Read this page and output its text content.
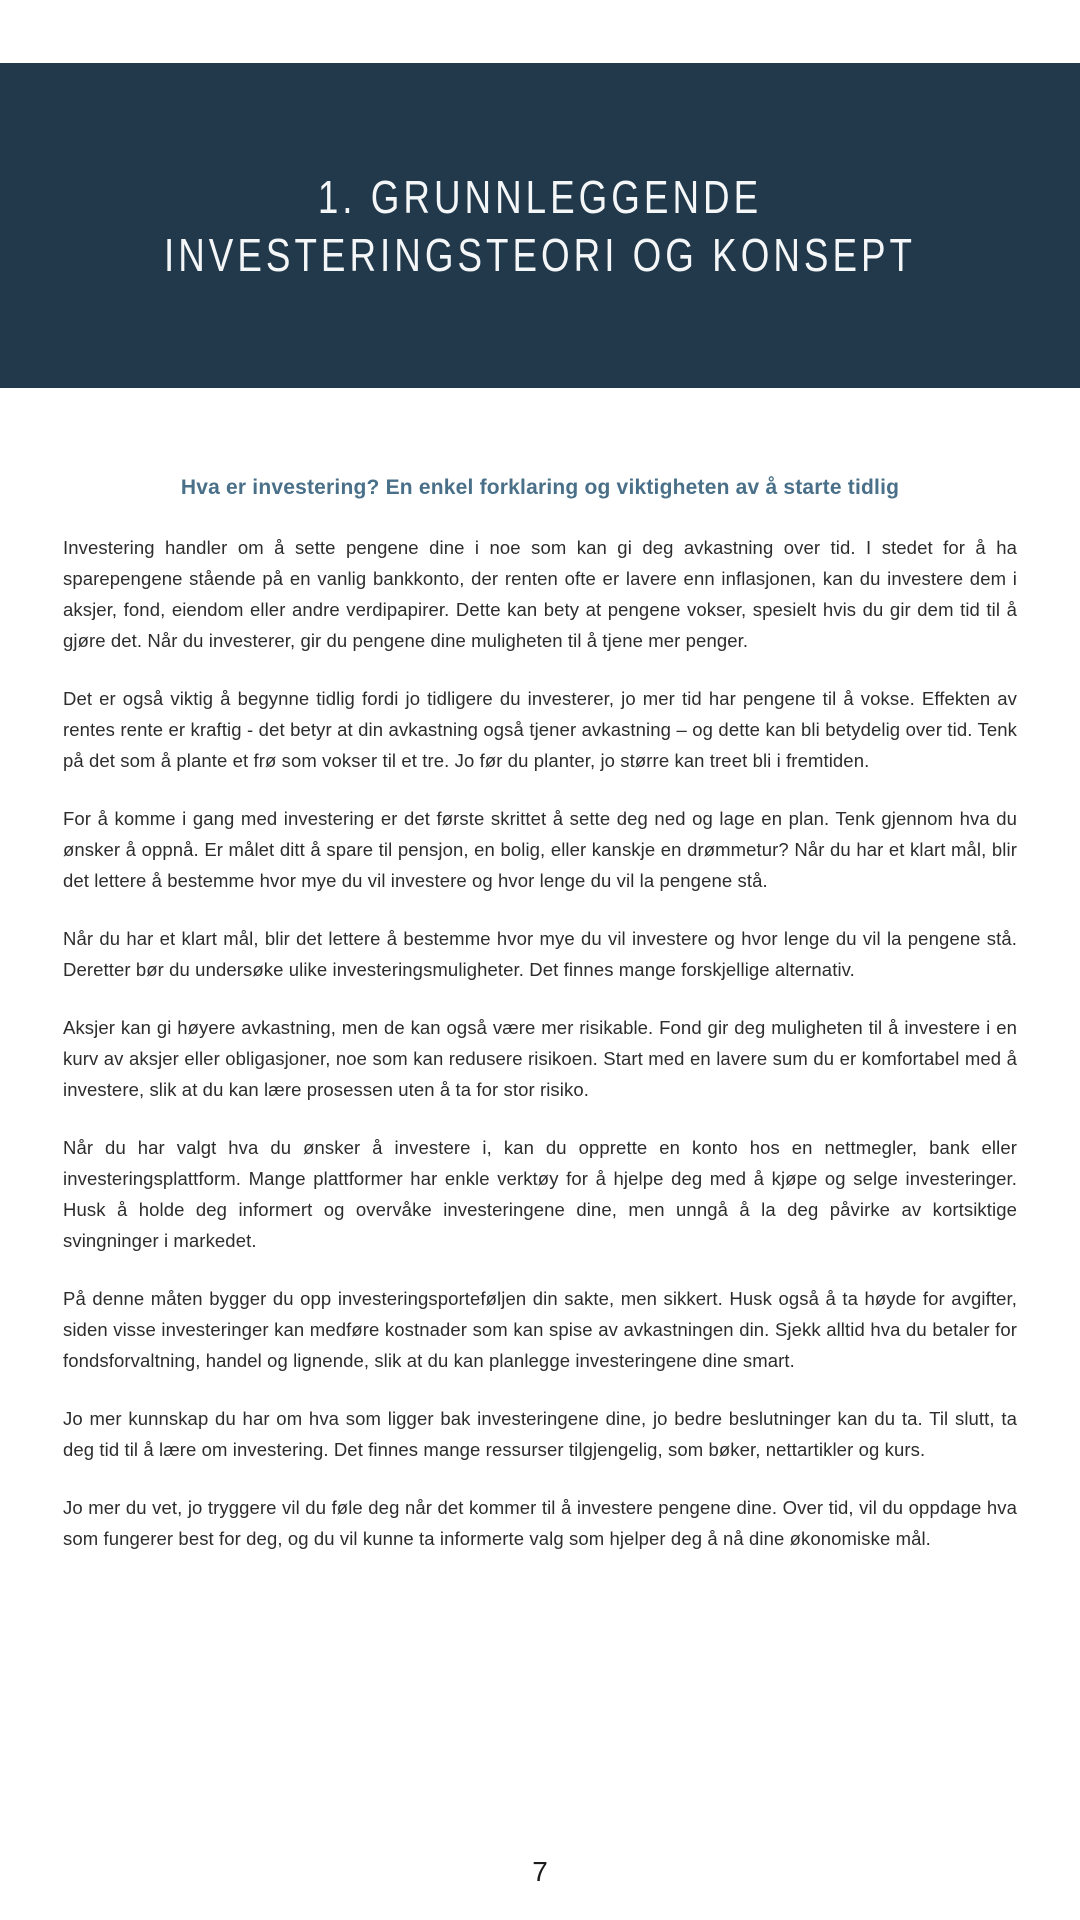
1. GRUNNLEGGENDE
INVESTERINGSTEORI OG KONSEPT
Hva er investering? En enkel forklaring og viktigheten av å starte tidlig

Investering handler om å sette pengene dine i noe som kan gi deg avkastning over tid. I stedet for å ha sparepengene stående på en vanlig bankkonto, der renten ofte er lavere enn inflasjonen, kan du investere dem i aksjer, fond, eiendom eller andre verdipapirer. Dette kan bety at pengene vokser, spesielt hvis du gir dem tid til å gjøre det. Når du investerer, gir du pengene dine muligheten til å tjene mer penger.

Det er også viktig å begynne tidlig fordi jo tidligere du investerer, jo mer tid har pengene til å vokse. Effekten av rentes rente er kraftig - det betyr at din avkastning også tjener avkastning – og dette kan bli betydelig over tid. Tenk på det som å plante et frø som vokser til et tre. Jo før du planter, jo større kan treet bli i fremtiden.

For å komme i gang med investering er det første skrittet å sette deg ned og lage en plan. Tenk gjennom hva du ønsker å oppnå. Er målet ditt å spare til pensjon, en bolig, eller kanskje en drømmetur? Når du har et klart mål, blir det lettere å bestemme hvor mye du vil investere og hvor lenge du vil la pengene stå.

Når du har et klart mål, blir det lettere å bestemme hvor mye du vil investere og hvor lenge du vil la pengene stå. Deretter bør du undersøke ulike investeringsmuligheter. Det finnes mange forskjellige alternativ.

Aksjer kan gi høyere avkastning, men de kan også være mer risikable. Fond gir deg muligheten til å investere i en kurv av aksjer eller obligasjoner, noe som kan redusere risikoen. Start med en lavere sum du er komfortabel med å investere, slik at du kan lære prosessen uten å ta for stor risiko.

Når du har valgt hva du ønsker å investere i, kan du opprette en konto hos en nettmegler, bank eller investeringsplattform. Mange plattformer har enkle verktøy for å hjelpe deg med å kjøpe og selge investeringer. Husk å holde deg informert og overvåke investeringene dine, men unngå å la deg påvirke av kortsiktige svingninger i markedet.

På denne måten bygger du opp investeringsporteføljen din sakte, men sikkert. Husk også å ta høyde for avgifter, siden visse investeringer kan medføre kostnader som kan spise av avkastningen din. Sjekk alltid hva du betaler for fondsforvaltning, handel og lignende, slik at du kan planlegge investeringene dine smart.

Jo mer kunnskap du har om hva som ligger bak investeringene dine, jo bedre beslutninger kan du ta. Til slutt, ta deg tid til å lære om investering. Det finnes mange ressurser tilgjengelig, som bøker, nettartikler og kurs.

Jo mer du vet, jo tryggere vil du føle deg når det kommer til å investere pengene dine. Over tid, vil du oppdage hva som fungerer best for deg, og du vil kunne ta informerte valg som hjelper deg å nå dine økonomiske mål.

7
